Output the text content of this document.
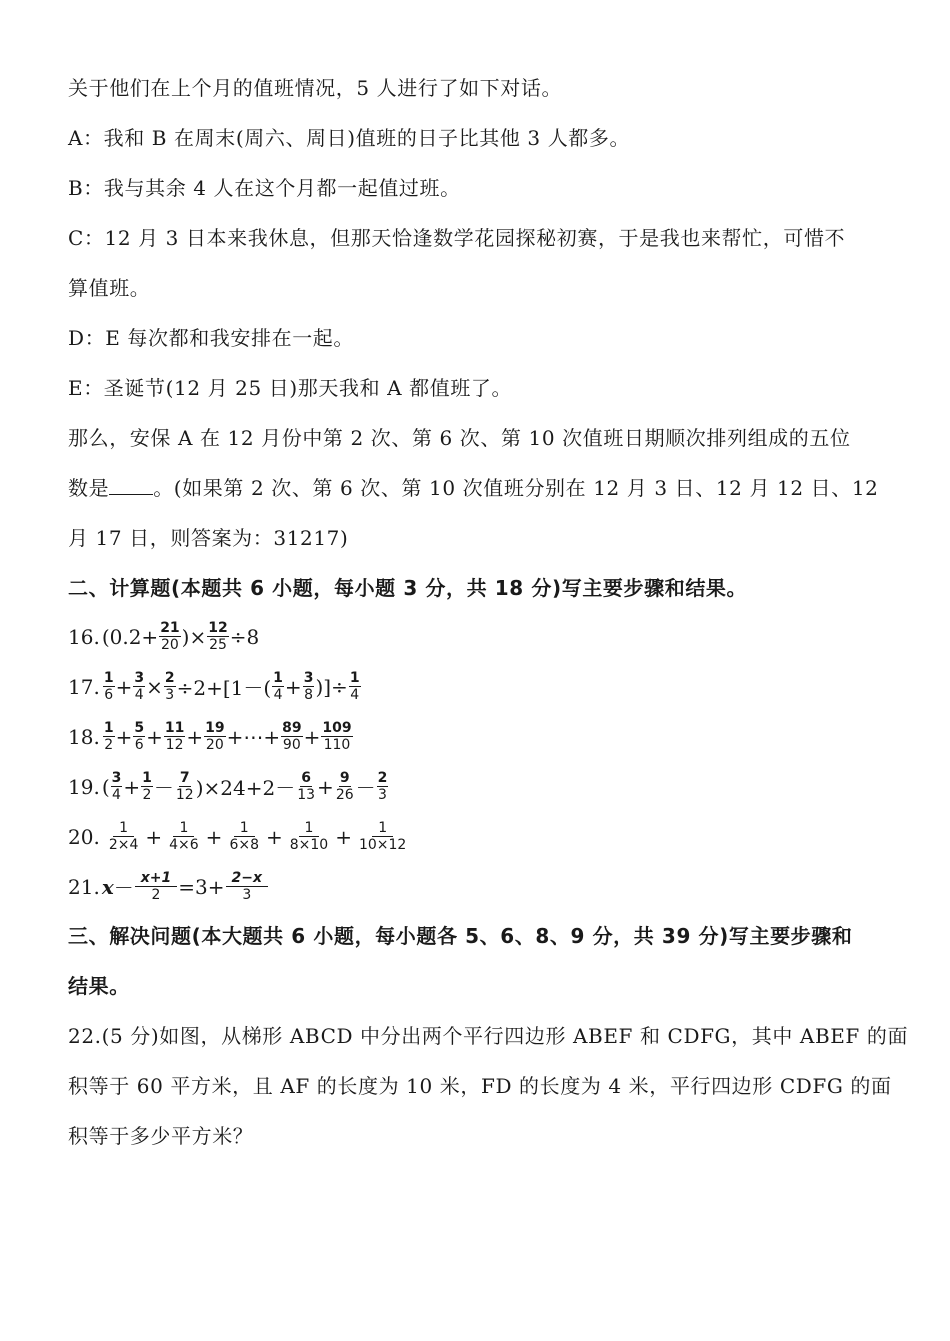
关于他们在上个月的值班情况，5 人进行了如下对话。
A：我和 B 在周末(周六、周日)值班的日子比其他 3 人都多。
B：我与其余 4 人在这个月都一起值过班。
C：12 月 3 日本来我休息，但那天恰逢数学花园探秘初赛，于是我也来帮忙，可惜不
算值班。
D：E 每次都和我安排在一起。
E：圣诞节(12 月 25 日)那天我和 A 都值班了。
那么，安保 A 在 12 月份中第 2 次、第 6 次、第 10 次值班日期顺次排列组成的五位
数是 。(如果第 2 次、第 6 次、第 10 次值班分别在 12 月 3 日、12 月 12 日、12
月 17 日，则答案为：31217)
二、计算题(本题共 6 小题，每小题 3 分，共 18 分)写主要步骤和结果。
16. ($0.2+ \frac{21}{20}$ )× $\frac{12}{25} \div 8$
17. $\frac{1}{6} + \frac{3}{4} \times \frac{2}{3} \div 2+[1-( \frac{1}{4} + \frac{3}{8}$ )]÷ $\frac{1}{4}$
18. $\frac{1}{2} + \frac{5}{6} + \frac{11}{12} + \frac{19}{20}$ +⋯+ $\frac{89}{90} + \frac{109}{110}$
19. ( $\frac{3}{4} + \frac{1}{2} - \frac{7}{12} )\times 24+2- \frac{6}{13} + \frac{9}{26} - \frac{2}{3}$
20. $\frac{1}{2\times 4} + \frac{1}{4\times 6} + \frac{1}{6\times 8} + \frac{1}{8\times 10} + \frac{1}{10\times 12}$
21. $x - \frac{x+1}{2} =3+ \frac{2-x}{3}$
三、解决问题(本大题共 6 小题，每小题各 5、6、8、9 分，共 39 分)写主要步骤和
结果。
22.(5 分)如图，从梯形 ABCD 中分出两个平行四边形 ABEF 和 CDFG，其中 ABEF 的面
积等于 60 平方米，且 AF 的长度为 10 米，FD 的长度为 4 米，平行四边形 CDFG 的面
积等于多少平方米？
